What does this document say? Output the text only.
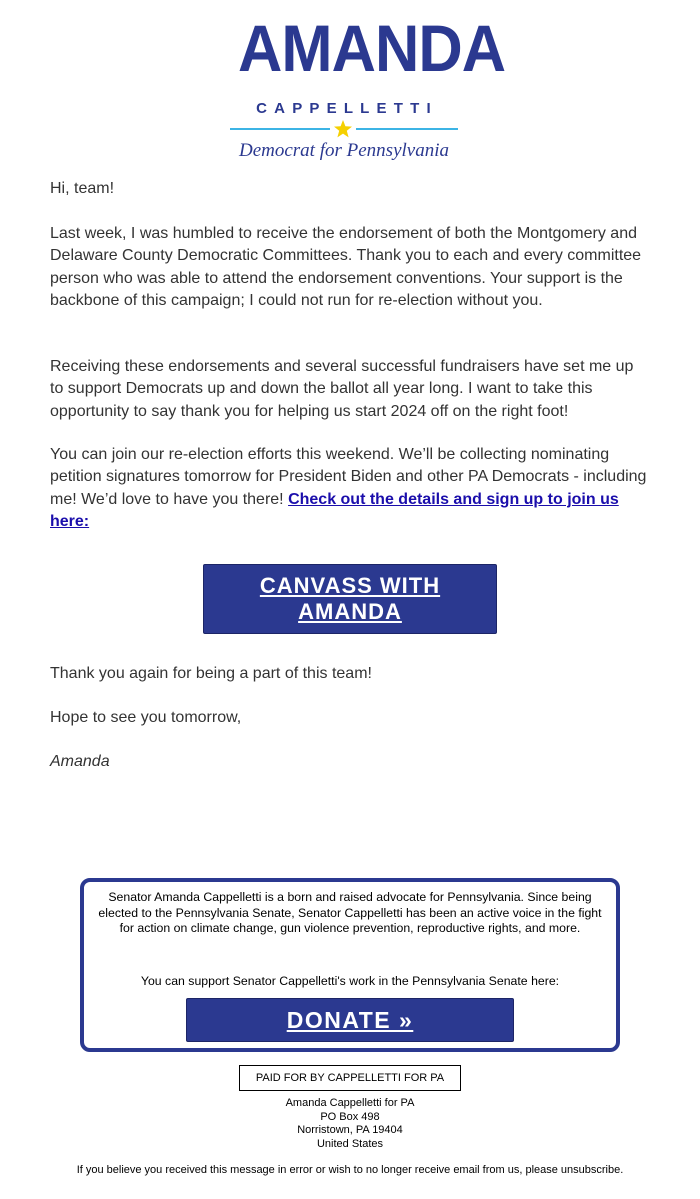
AMANDA
CAPPELLETTI
Democrat for Pennsylvania

Hi, team!

Last week, I was humbled to receive the endorsement of both the Montgomery and Delaware County Democratic Committees. Thank you to each and every committee person who was able to attend the endorsement conventions. Your support is the backbone of this campaign; I could not run for re-election without you.

Receiving these endorsements and several successful fundraisers have set me up to support Democrats up and down the ballot all year long. I want to take this opportunity to say thank you for helping us start 2024 off on the right foot!

You can join our re-election efforts this weekend. We’ll be collecting nominating petition signatures tomorrow for President Biden and other PA Democrats - including me! We’d love to have you there! Check out the details and sign up to join us here:

CANVASS WITH AMANDA

Thank you again for being a part of this team!

Hope to see you tomorrow,

Amanda

Senator Amanda Cappelletti is a born and raised advocate for Pennsylvania. Since being elected to the Pennsylvania Senate, Senator Cappelletti has been an active voice in the fight for action on climate change, gun violence prevention, reproductive rights, and more.

You can support Senator Cappelletti's work in the Pennsylvania Senate here:

DONATE »
PAID FOR BY CAPPELLETTI FOR PA
Amanda Cappelletti for PA
PO Box 498
Norristown, PA 19404
United States
If you believe you received this message in error or wish to no longer receive email from us, please unsubscribe.
